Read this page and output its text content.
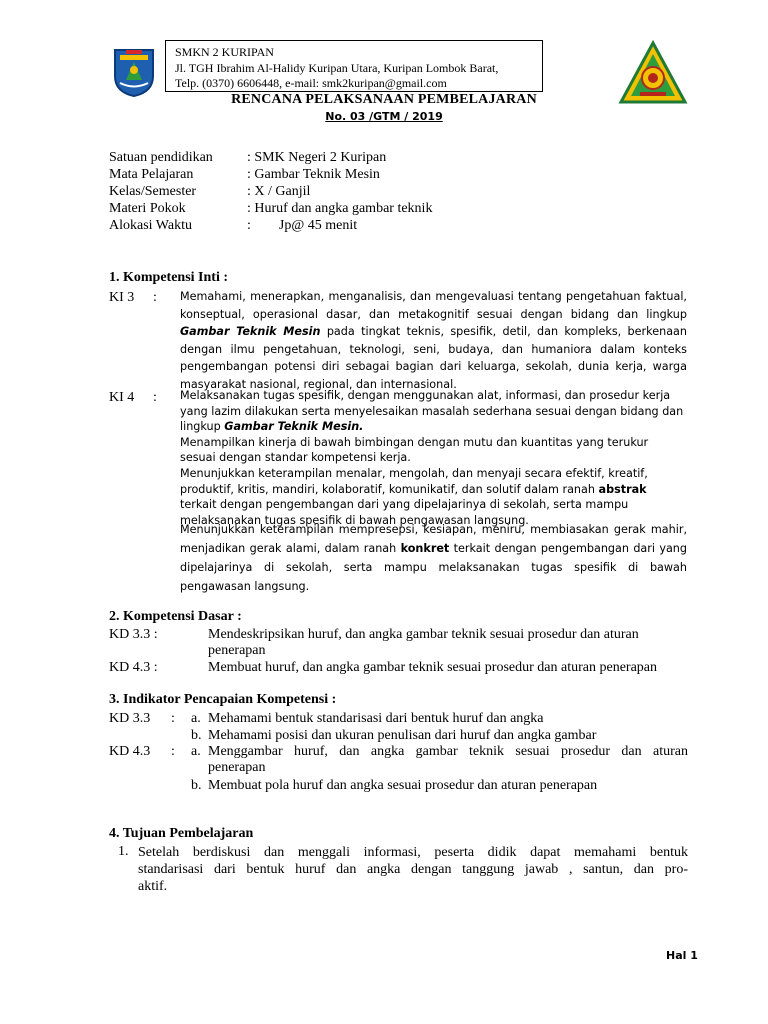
SMKN 2 KURIPAN
Jl. TGH Ibrahim Al-Halidy Kuripan Utara, Kuripan Lombok Barat,
Telp. (0370) 6606448, e-mail: smk2kuripan@gmail.com
RENCANA PELAKSANAAN PEMBELAJARAN
No. 03 /GTM / 2019
Satuan pendidikan : SMK Negeri 2 Kuripan
Mata Pelajaran	: Gambar Teknik Mesin
Kelas/Semester	: X / Ganjil
Materi Pokok	: Huruf dan angka gambar teknik
Alokasi Waktu	:        Jp@ 45 menit
1. Kompetensi Inti :
KI 3 : Memahami, menerapkan, menganalisis, dan mengevaluasi tentang pengetahuan faktual,
konseptual, operasional dasar, dan metakognitif sesuai dengan bidang dan lingkup
Gambar Teknik Mesin pada tingkat teknis, spesifik, detil, dan kompleks, berkenaan
dengan ilmu pengetahuan, teknologi, seni, budaya, dan humaniora dalam konteks
pengembangan potensi diri sebagai bagian dari keluarga, sekolah, dunia kerja, warga
masyarakat nasional, regional, dan internasional.
KI 4 : Melaksanakan tugas spesifik, dengan menggunakan alat, informasi, dan prosedur kerja
yang lazim dilakukan serta menyelesaikan masalah sederhana sesuai dengan bidang dan
lingkup Gambar Teknik Mesin.
Menampilkan kinerja di bawah bimbingan dengan mutu dan kuantitas yang terukur
sesuai dengan standar kompetensi kerja.
Menunjukkan keterampilan menalar, mengolah, dan menyaji secara efektif, kreatif,
produktif, kritis, mandiri, kolaboratif, komunikatif, dan solutif dalam ranah abstrak
terkait dengan pengembangan dari yang dipelajarinya di sekolah, serta mampu
melaksanakan tugas spesifik di bawah pengawasan langsung.
Menunjukkan keterampilan mempresepsi, kesiapan, meniru, membiasakan gerak mahir,
menjadikan gerak alami, dalam ranah konkret terkait dengan pengembangan dari yang
dipelajarinya di sekolah, serta mampu melaksanakan tugas spesifik di bawah
pengawasan langsung.
2. Kompetensi Dasar :
KD 3.3 :	Mendeskripsikan huruf, dan angka gambar teknik sesuai prosedur dan aturan
penerapan
KD 4.3 :	Membuat huruf, dan angka gambar teknik sesuai prosedur dan aturan penerapan
3. Indikator Pencapaian Kompetensi :
KD 3.3 : a. Mehamami bentuk standarisasi dari bentuk huruf dan angka
b. Mehamami posisi dan ukuran penulisan dari huruf dan angka gambar
KD 4.3 : a. Menggambar huruf, dan angka gambar teknik sesuai prosedur dan aturan
penerapan
b. Membuat pola huruf dan angka sesuai prosedur dan aturan penerapan
4. Tujuan Pembelajaran
1. Setelah berdiskusi dan menggali informasi, peserta didik dapat memahami bentuk
standarisasi dari bentuk huruf dan angka dengan tanggung jawab , santun, dan pro-
aktif.
Hal 1
